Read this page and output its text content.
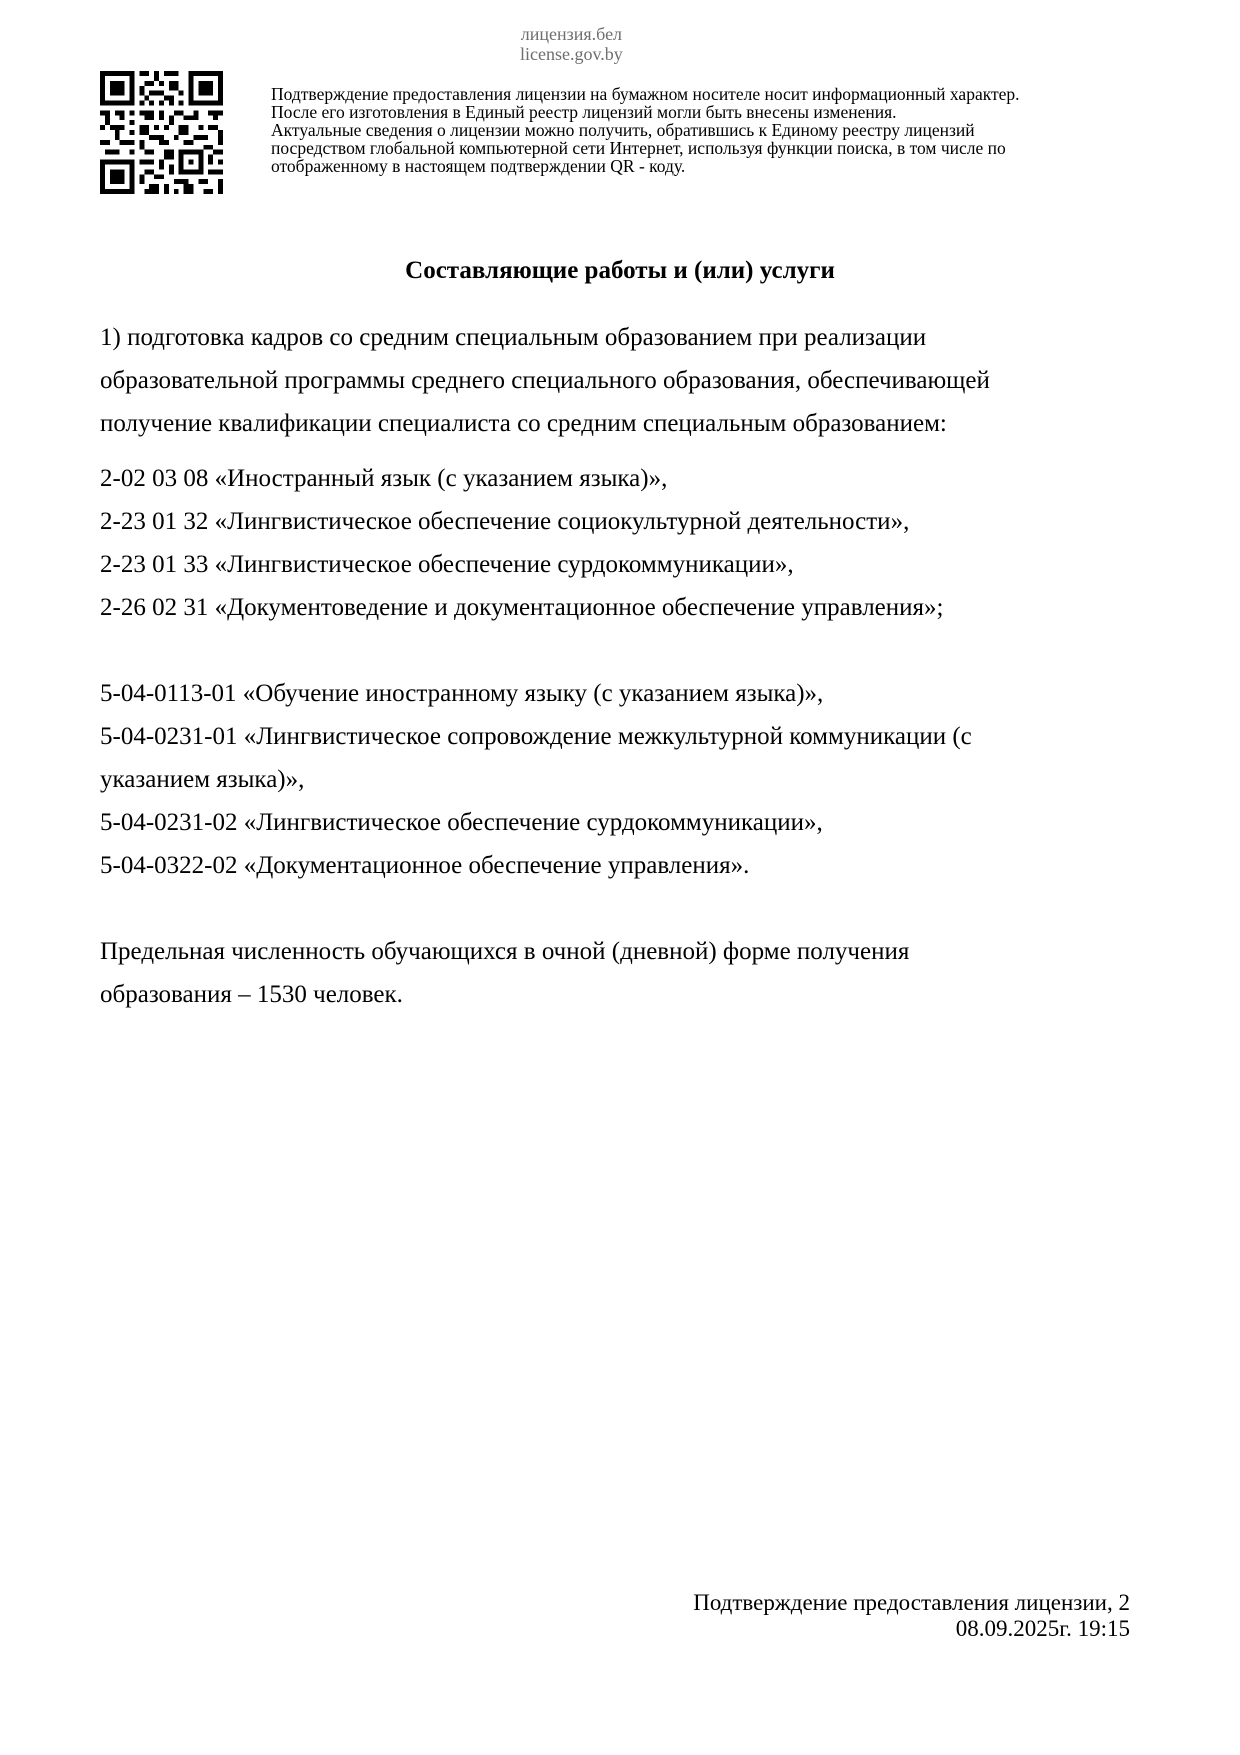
лицензия.бел
license.gov.by
Подтверждение предоставления лицензии на бумажном носителе носит информационный характер.
После его изготовления в Единый реестр лицензий могли быть внесены изменения.
Актуальные сведения о лицензии можно получить, обратившись к Единому реестру лицензий
посредством глобальной компьютерной сети Интернет, используя функции поиска, в том числе по
отображенному в настоящем подтверждении QR - коду.
Составляющие работы и (или) услуги
1) подготовка кадров со средним специальным образованием при реализации
образовательной программы среднего специального образования, обеспечивающей
получение квалификации специалиста со средним специальным образованием:
2-02 03 08 «Иностранный язык (с указанием языка)»,
2-23 01 32 «Лингвистическое обеспечение социокультурной деятельности»,
2-23 01 33 «Лингвистическое обеспечение сурдокоммуникации»,
2-26 02 31 «Документоведение и документационное обеспечение управления»;
5-04-0113-01 «Обучение иностранному языку (с указанием языка)»,
5-04-0231-01 «Лингвистическое сопровождение межкультурной коммуникации (с
указанием языка)»,
5-04-0231-02 «Лингвистическое обеспечение сурдокоммуникации»,
5-04-0322-02 «Документационное обеспечение управления».
Предельная численность обучающихся в очной (дневной) форме получения
образования – 1530 человек.
Подтверждение предоставления лицензии, 2
08.09.2025г. 19:15
